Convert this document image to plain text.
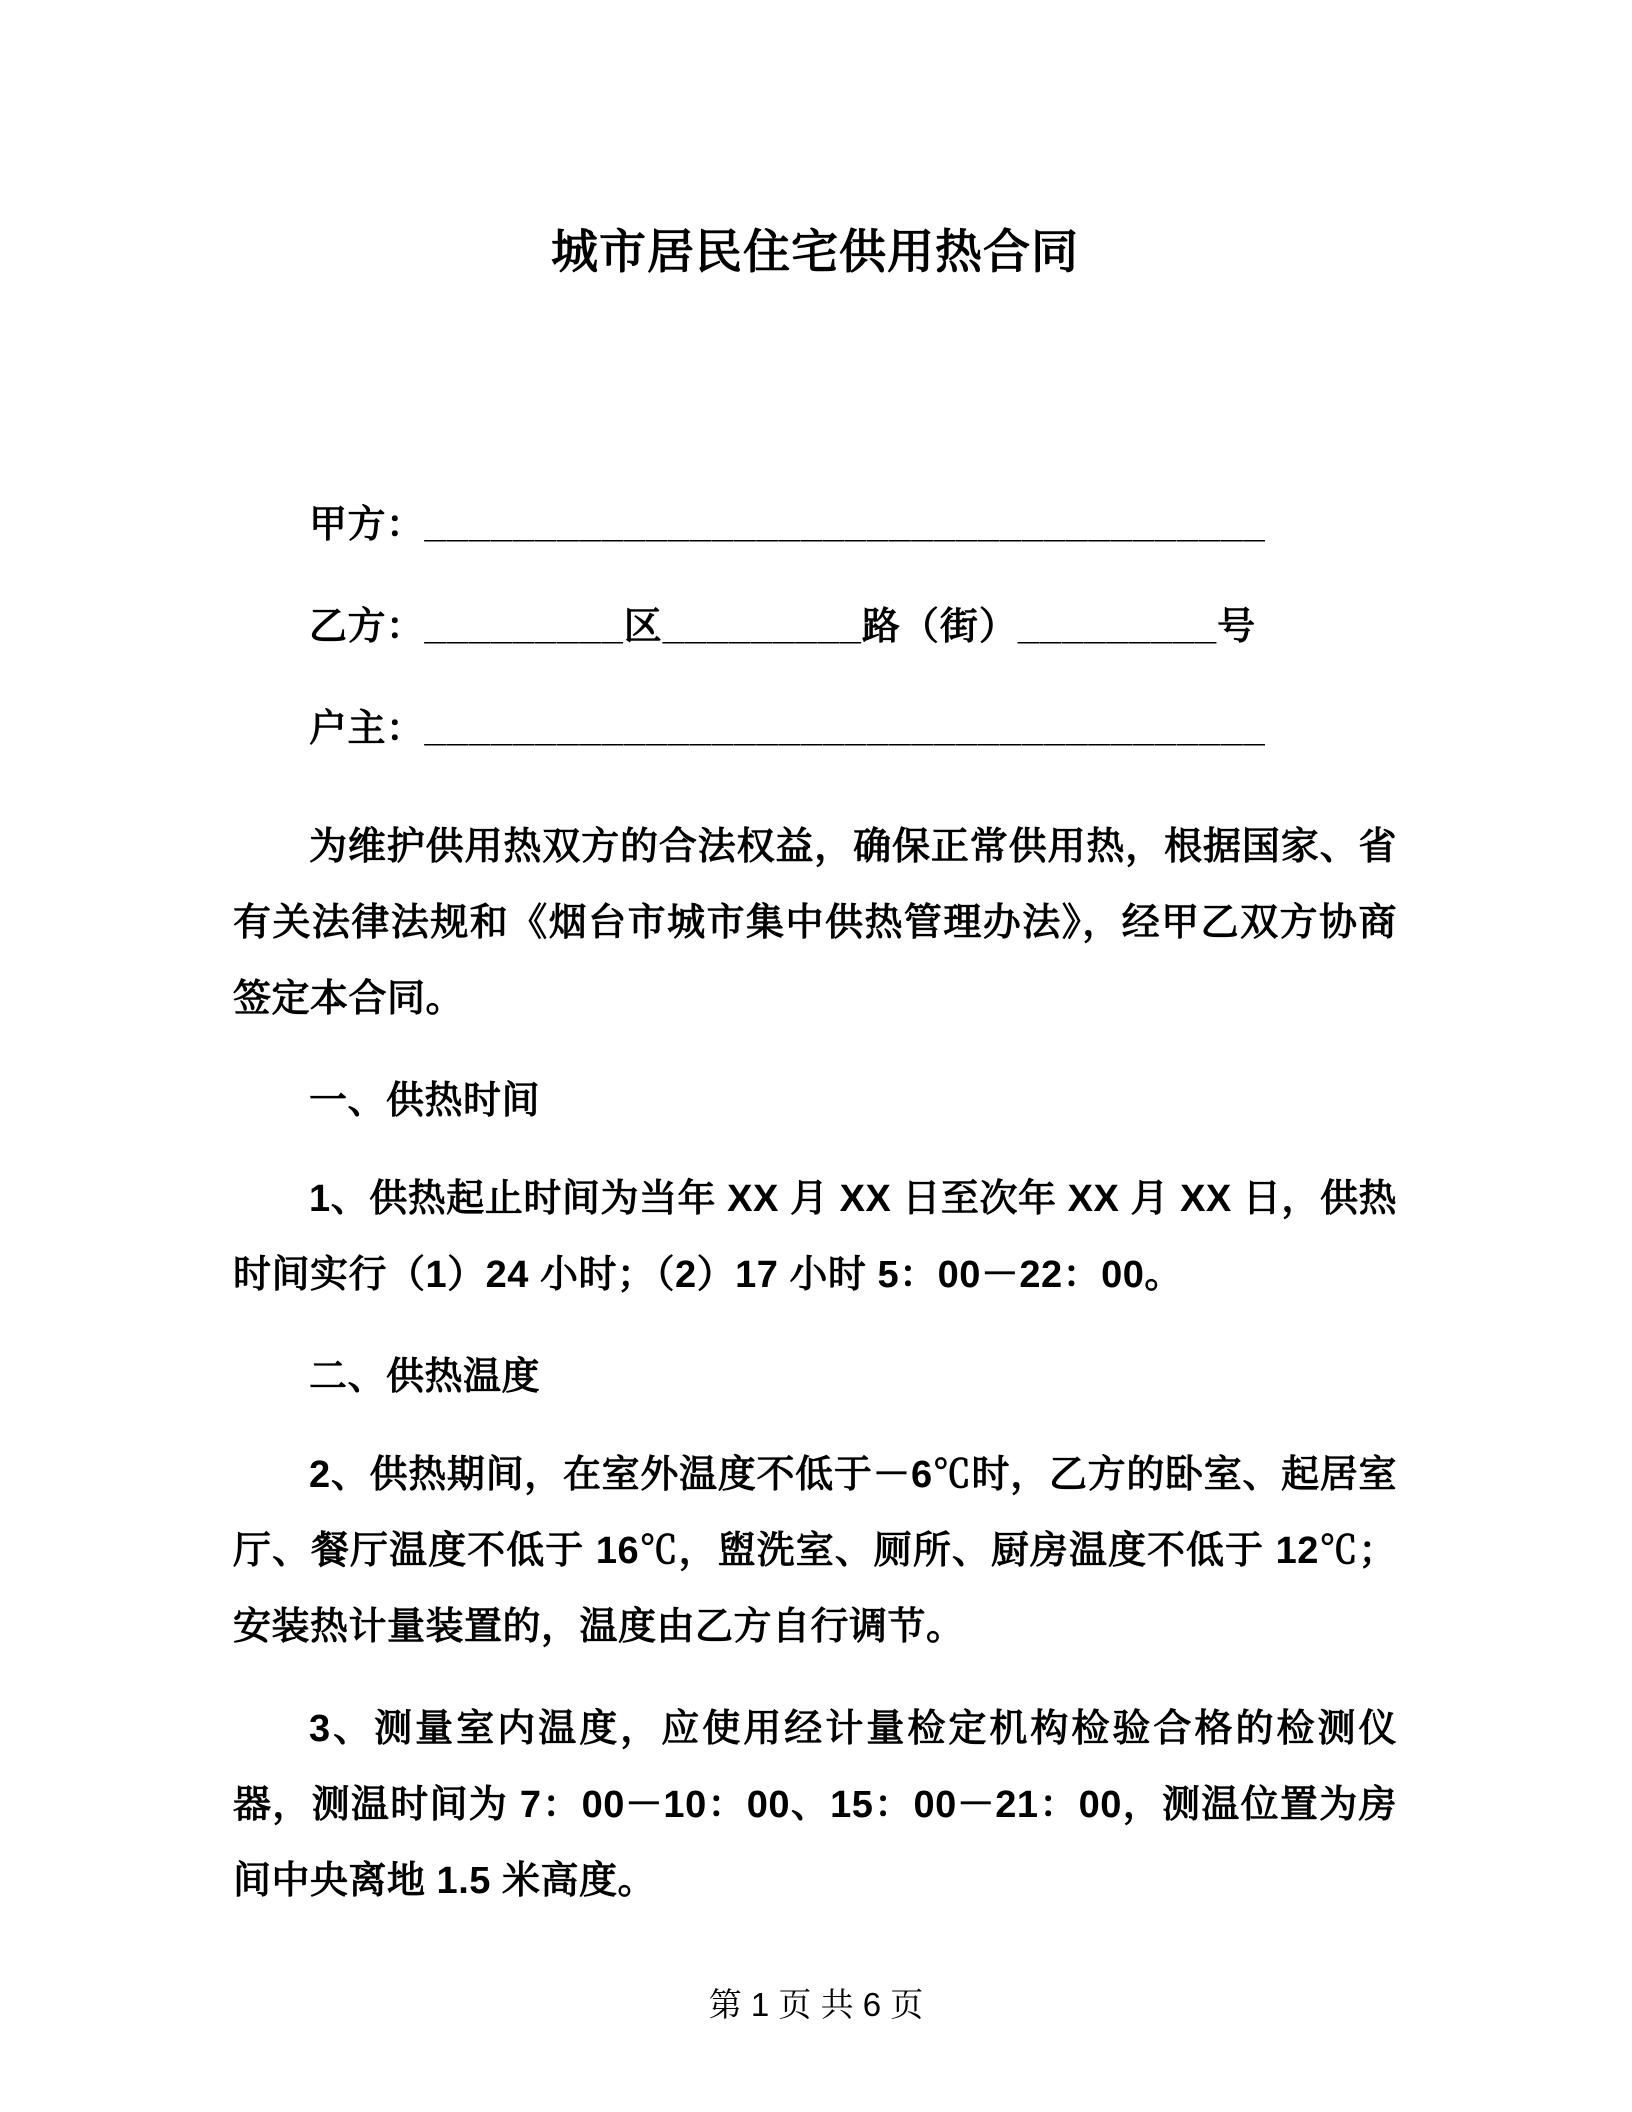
城市居民住宅供用热合同
甲方：______________________________________
乙方：_________区_________路（街）_________号
户主：______________________________________

为维护供用热双方的合法权益，确保正常供用热，根据国家、省有关法律法规和《烟台市城市集中供热管理办法》，经甲乙双方协商签定本合同。

一、供热时间

1、供热起止时间为当年 XX 月 XX 日至次年 XX 月 XX 日，供热时间实行（1）24 小时；（2）17 小时 5：00－22：00。

二、供热温度

2、供热期间，在室外温度不低于－6℃时，乙方的卧室、起居室厅、餐厅温度不低于 16℃，盥洗室、厕所、厨房温度不低于 12℃；安装热计量装置的，温度由乙方自行调节。

3、测量室内温度，应使用经计量检定机构检验合格的检测仪器，测温时间为 7：00－10：00、15：00－21：00，测温位置为房间中央离地 1.5 米高度。

第 1 页 共 6 页
